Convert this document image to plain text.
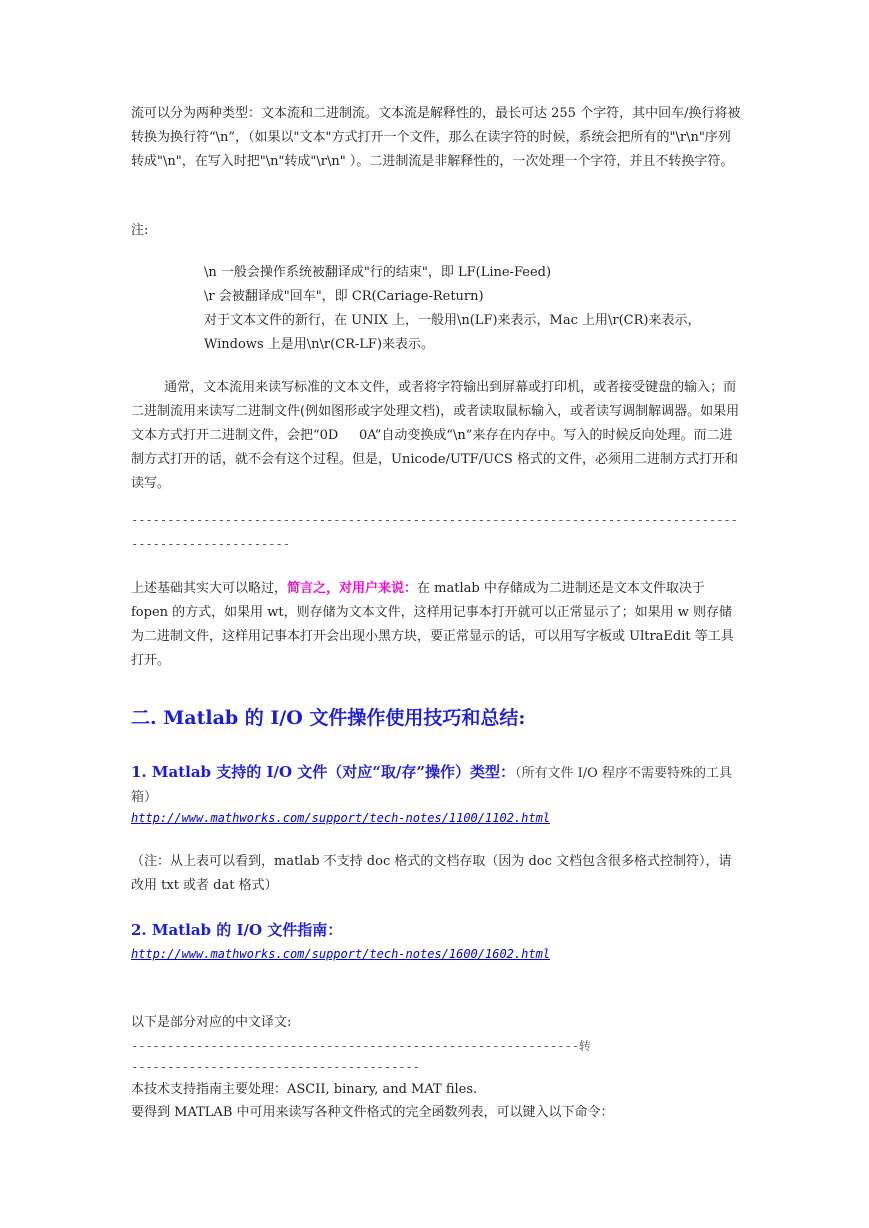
流可以分为两种类型：文本流和二进制流。文本流是解释性的，最长可达 255 个字符，其中回车/换行将被转换为换行符“\n”，（如果以"文本"方式打开一个文件，那么在读字符的时候，系统会把所有的"\r\n"序列转成"\n"，在写入时把"\n"转成"\r\n" ）。二进制流是非解释性的，一次处理一个字符，并且不转换字符。
注:
\n 一般会操作系统被翻译成"行的结束"，即 LF(Line-Feed)
\r 会被翻译成"回车"，即 CR(Cariage-Return)
对于文本文件的新行，在 UNIX 上，一般用\n(LF)来表示，Mac 上用\r(CR)来表示，
Windows 上是用\n\r(CR-LF)来表示。
通常，文本流用来读写标准的文本文件，或者将字符输出到屏幕或打印机，或者接受键盘的输入；而二进制流用来读写二进制文件(例如图形或字处理文档)，或者读取鼠标输入，或者读写调制解调器。如果用文本方式打开二进制文件，会把“0D     0A”自动变换成“\n”来存在内存中。写入的时候反向处理。而二进制方式打开的话，就不会有这个过程。但是，Unicode/UTF/UCS 格式的文件，必须用二进制方式打开和读写。
------------------------------------------------------------------------------------
----------------------
上述基础其实大可以略过，简言之，对用户来说：在 matlab 中存储成为二进制还是文本文件取决于 fopen 的方式，如果用 wt，则存储为文本文件，这样用记事本打开就可以正常显示了；如果用 w 则存储为二进制文件，这样用记事本打开会出现小黑方块，要正常显示的话，可以用写字板或 UltraEdit 等工具打开。
二. Matlab 的 I/O 文件操作使用技巧和总结:
1. Matlab 支持的 I/O 文件（对应“取/存”操作）类型：（所有文件 I/O 程序不需要特殊的工具箱）
http://www.mathworks.com/support/tech-notes/1100/1102.html
（注：从上表可以看到，matlab 不支持 doc 格式的文档存取（因为 doc 文档包含很多格式控制符），请改用 txt 或者 dat 格式）
2. Matlab 的 I/O 文件指南：
http://www.mathworks.com/support/tech-notes/1600/1602.html
以下是部分对应的中文译文:
--------------------------------------------------------------转
----------------------------------------
本技术支持指南主要处理：ASCII, binary, and MAT files.
要得到 MATLAB 中可用来读写各种文件格式的完全函数列表，可以键入以下命令：
